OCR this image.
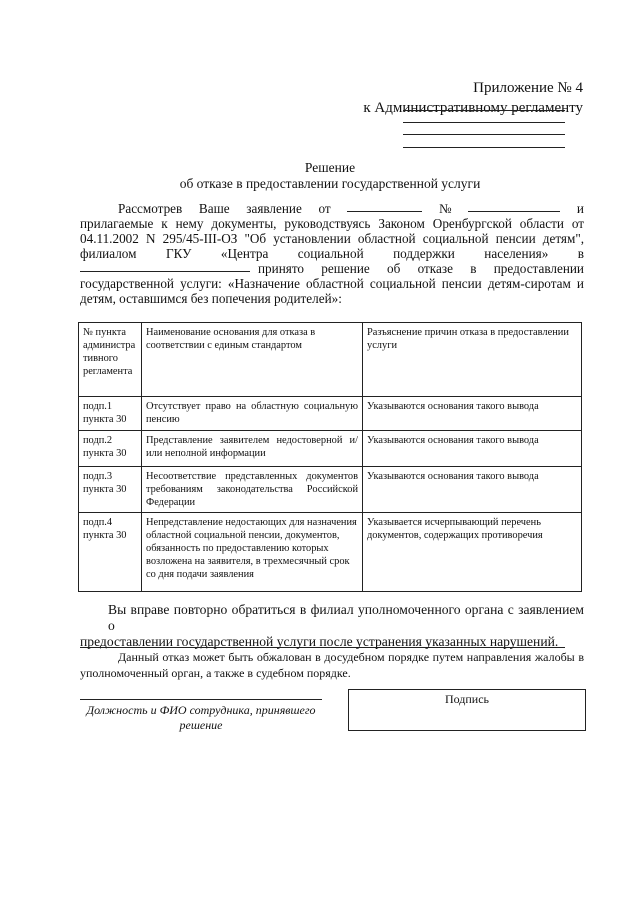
Приложение № 4
к Административному регламенту
Решение
об отказе в предоставлении государственной услуги
Рассмотрев Ваше заявление от	№	и
прилагаемые к нему документы, руководствуясь Законом Оренбургской области от
04.11.2002 N 295/45-III-ОЗ "Об установлении областной социальной пенсии детям",
филиалом ГКУ «Центра социальной поддержки населения» в
принято решение об отказе в предоставлении
государственной услуги: «Назначение областной социальной пенсии детям-сиротам и
детям, оставшимся без попечения родителей»:
№ пункта администра тивного регламента	Наименование основания для отказа в соответствии с единым стандартом	Разъяснение причин отказа в предоставлении услуги
подп.1 пункта 30	Отсутствует право на областную социальную пенсию	Указываются основания такого вывода
подп.2 пункта 30	Представление заявителем недостоверной и/или неполной информации	Указываются основания такого вывода
подп.3 пункта 30	Несоответствие представленных документов требованиям законодательства Российской Федерации	Указываются основания такого вывода
подп.4 пункта 30	Непредставление недостающих для назначения областной социальной пенсии, документов, обязанность по предоставлению которых возложена на заявителя, в трехмесячный срок со дня подачи заявления	Указывается исчерпывающий перечень документов, содержащих противоречия
Вы вправе повторно обратиться в филиал уполномоченного органа с заявлением о
предоставлении государственной услуги после устранения указанных нарушений.
Данный отказ может быть обжалован в досудебном порядке путем направления жалобы в
уполномоченный орган, а также в судебном порядке.
Должность и ФИО сотрудника, принявшего решение
Подпись
